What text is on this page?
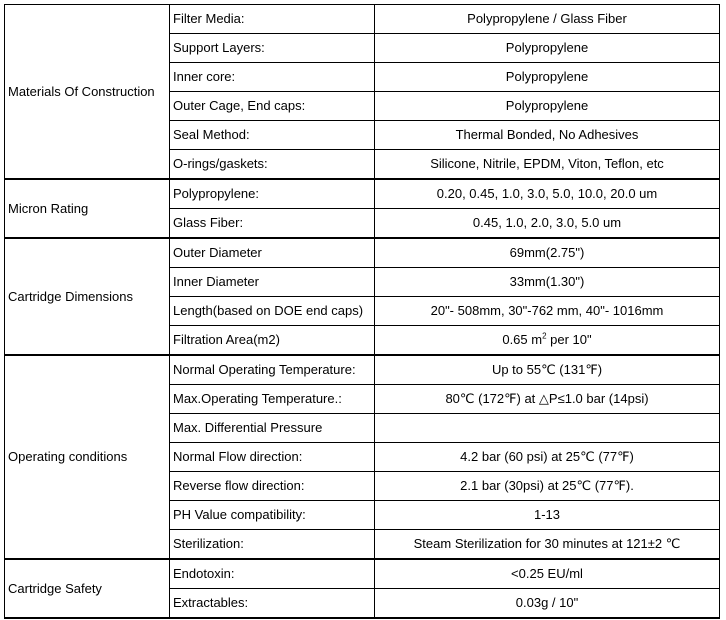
Materials Of Construction	Filter Media:	Polypropylene / Glass Fiber
	Support Layers:	Polypropylene
	Inner core:	Polypropylene
	Outer Cage, End caps:	Polypropylene
	Seal Method:	Thermal Bonded, No Adhesives
	O-rings/gaskets:	Silicone, Nitrile, EPDM, Viton, Teflon, etc
Micron Rating	Polypropylene:	0.20, 0.45, 1.0, 3.0, 5.0, 10.0, 20.0 um
	Glass Fiber:	0.45, 1.0, 2.0, 3.0, 5.0 um
Cartridge Dimensions	Outer Diameter	69mm(2.75")
	Inner Diameter	33mm(1.30")
	Length(based on DOE end caps)	20"- 508mm, 30"-762 mm, 40"- 1016mm
	Filtration Area(m2)	0.65 $m^2$ per 10"
Operating conditions	Normal Operating Temperature:	Up to 55℃ (131℉)
	Max.Operating Temperature.:	80℃ (172℉) at △P≤1.0 bar (14psi)
	Max. Differential Pressure	
	Normal Flow direction:	4.2 bar (60 psi) at 25℃ (77℉)
	Reverse flow direction:	2.1 bar (30psi) at 25℃ (77℉).
	PH Value compatibility:	1-13
	Sterilization:	Steam Sterilization for 30 minutes at 121±2 ℃
Cartridge Safety	Endotoxin:	<0.25 EU/ml
	Extractables:	0.03g / 10"
